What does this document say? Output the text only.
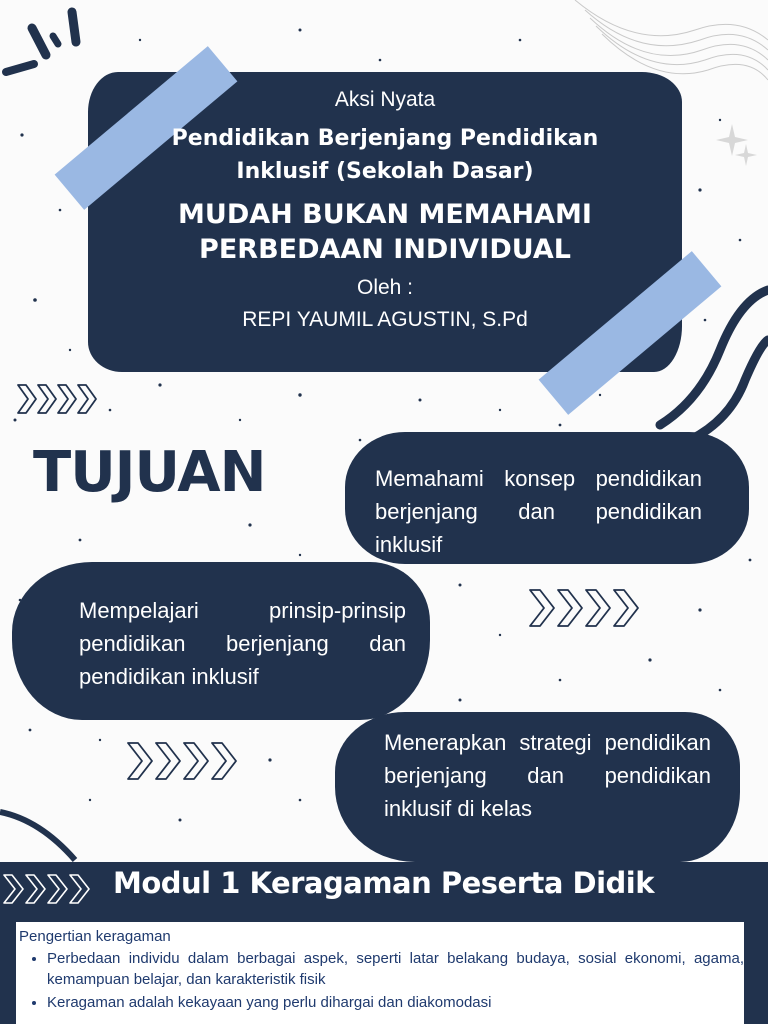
Aksi Nyata
Pendidikan Berjenjang Pendidikan
Inklusif (Sekolah Dasar)
MUDAH BUKAN MEMAHAMI
PERBEDAAN INDIVIDUAL
Oleh :
REPI YAUMIL AGUSTIN, S.Pd
TUJUAN	Memahami konsep pendidikan berjenjang dan pendidikan inklusif
Mempelajari prinsip-prinsip pendidikan berjenjang dan pendidikan inklusif
Menerapkan strategi pendidikan berjenjang dan pendidikan inklusif di kelas
Modul 1 Keragaman Peserta Didik
Pengertian keragaman
• Perbedaan individu dalam berbagai aspek, seperti latar belakang budaya, sosial ekonomi, agama, kemampuan belajar, dan karakteristik fisik
• Keragaman adalah kekayaan yang perlu dihargai dan diakomodasi
